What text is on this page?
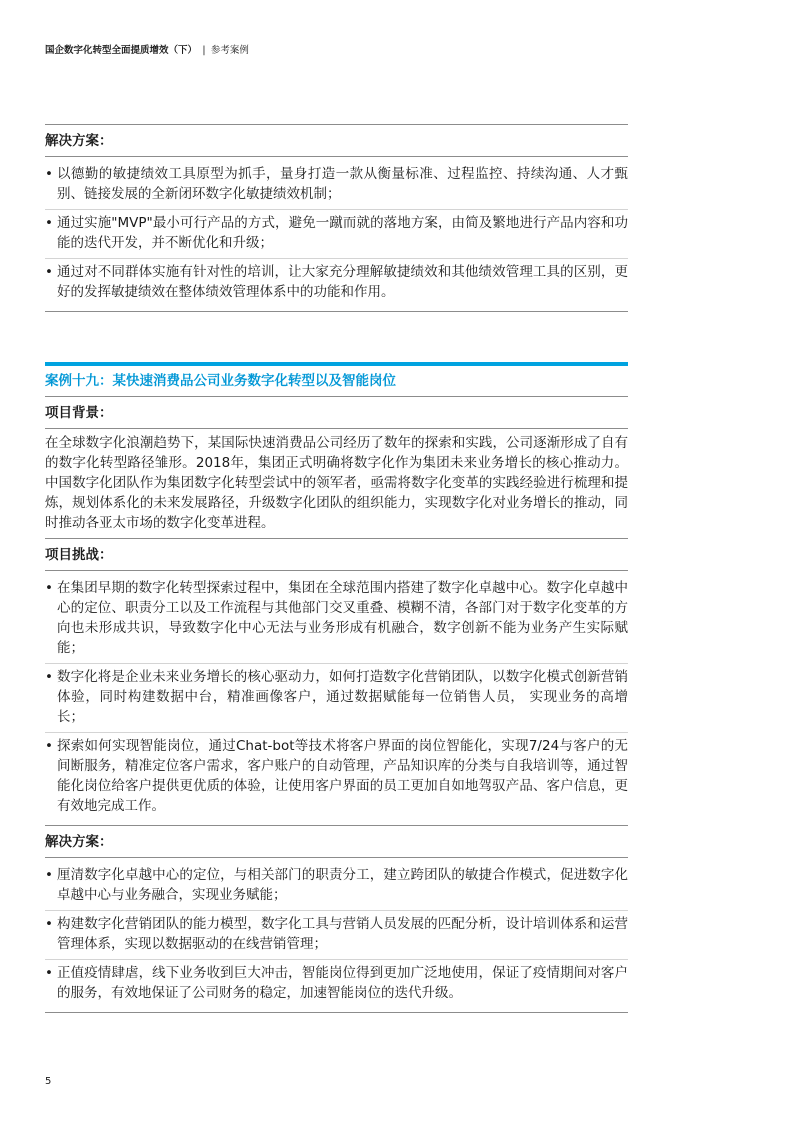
国企数字化转型全面提质增效（下） | 参考案例
解决方案：
• 以德勤的敏捷绩效工具原型为抓手，量身打造一款从衡量标准、过程监控、持续沟通、人才甄别、链接发展的全新闭环数字化敏捷绩效机制；
• 通过实施"MVP"最小可行产品的方式，避免一蹴而就的落地方案，由简及繁地进行产品内容和功能的迭代开发，并不断优化和升级；
• 通过对不同群体实施有针对性的培训，让大家充分理解敏捷绩效和其他绩效管理工具的区别，更好的发挥敏捷绩效在整体绩效管理体系中的功能和作用。
案例十九：某快速消费品公司业务数字化转型以及智能岗位
项目背景：
在全球数字化浪潮趋势下，某国际快速消费品公司经历了数年的探索和实践，公司逐渐形成了自有的数字化转型路径雏形。2018年，集团正式明确将数字化作为集团未来业务增长的核心推动力。中国数字化团队作为集团数字化转型尝试中的领军者，亟需将数字化变革的实践经验进行梳理和提炼，规划体系化的未来发展路径，升级数字化团队的组织能力，实现数字化对业务增长的推动，同时推动各亚太市场的数字化变革进程。
项目挑战：
• 在集团早期的数字化转型探索过程中，集团在全球范围内搭建了数字化卓越中心。数字化卓越中心的定位、职责分工以及工作流程与其他部门交叉重叠、模糊不清，各部门对于数字化变革的方向也未形成共识，导致数字化中心无法与业务形成有机融合，数字创新不能为业务产生实际赋能；
• 数字化将是企业未来业务增长的核心驱动力，如何打造数字化营销团队，以数字化模式创新营销体验，同时构建数据中台，精准画像客户，通过数据赋能每一位销售人员， 实现业务的高增长；
• 探索如何实现智能岗位，通过Chat-bot等技术将客户界面的岗位智能化，实现7/24与客户的无间断服务，精准定位客户需求，客户账户的自动管理，产品知识库的分类与自我培训等，通过智能化岗位给客户提供更优质的体验，让使用客户界面的员工更加自如地驾驭产品、客户信息，更有效地完成工作。
解决方案：
• 厘清数字化卓越中心的定位，与相关部门的职责分工，建立跨团队的敏捷合作模式，促进数字化卓越中心与业务融合，实现业务赋能；
• 构建数字化营销团队的能力模型，数字化工具与营销人员发展的匹配分析，设计培训体系和运营管理体系，实现以数据驱动的在线营销管理；
• 正值疫情肆虐，线下业务收到巨大冲击，智能岗位得到更加广泛地使用，保证了疫情期间对客户的服务，有效地保证了公司财务的稳定，加速智能岗位的迭代升级。
5
